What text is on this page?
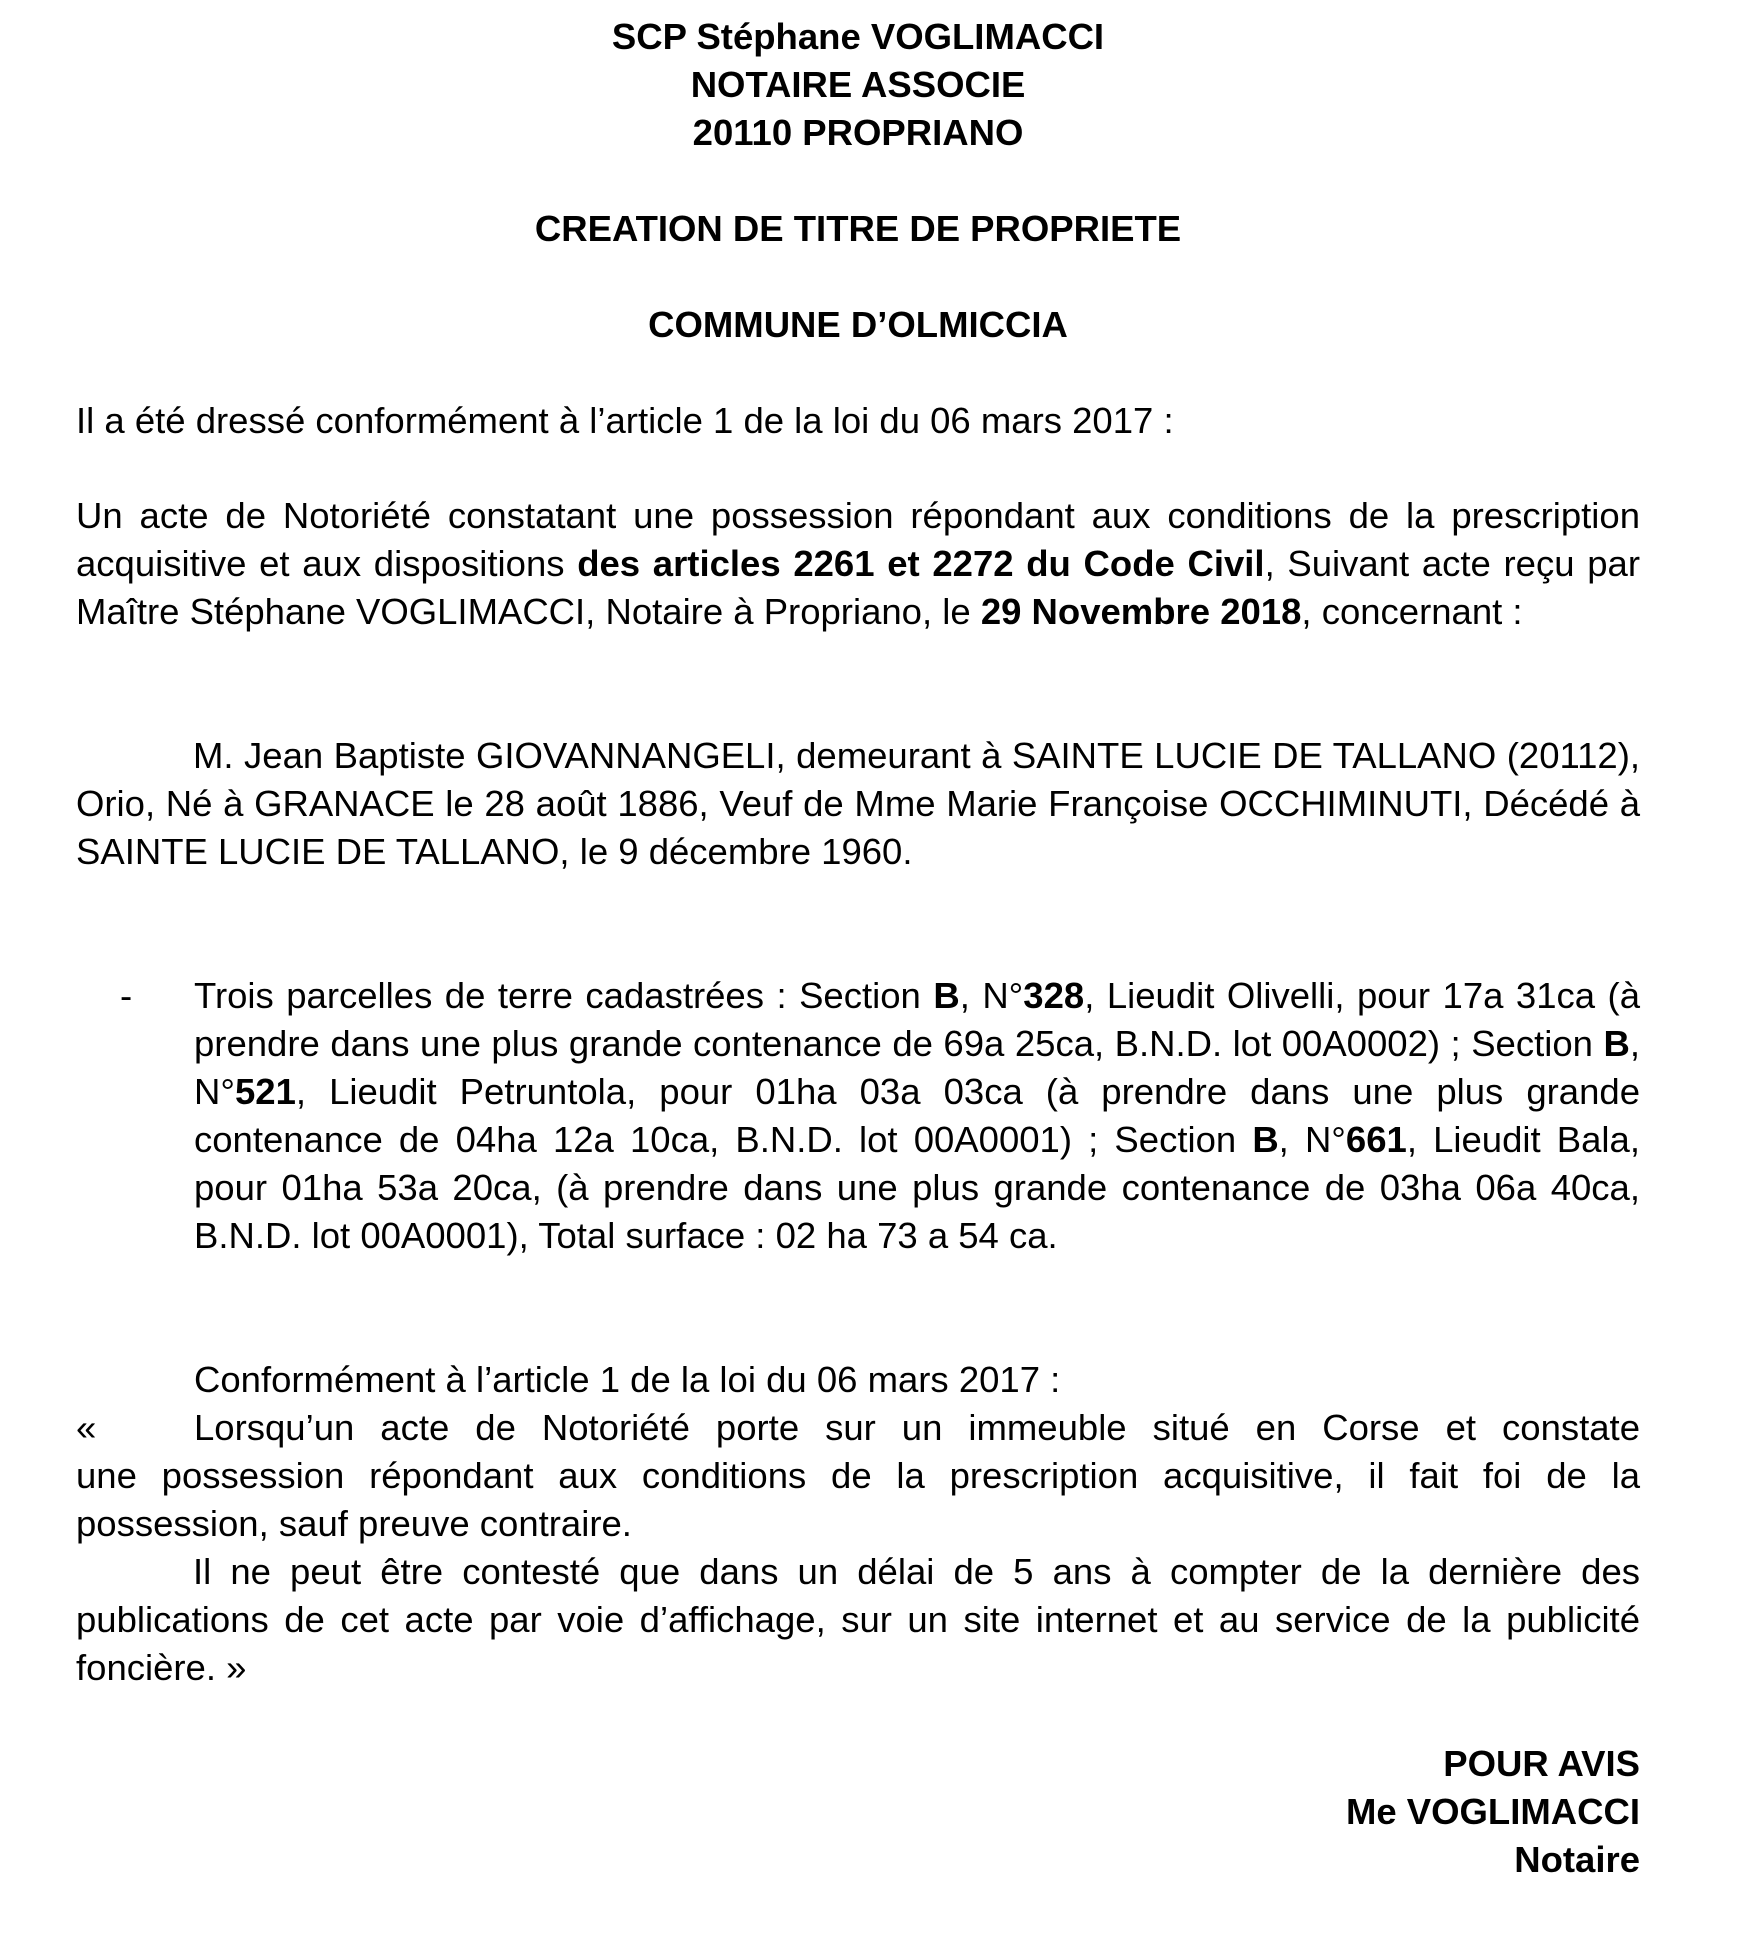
SCP Stéphane VOGLIMACCI
NOTAIRE ASSOCIE
20110 PROPRIANO
CREATION DE TITRE DE PROPRIETE
COMMUNE D’OLMICCIA
Il a été dressé conformément à l’article 1 de la loi du 06 mars 2017 :
Un acte de Notoriété constatant une possession répondant aux conditions de la prescription acquisitive et aux dispositions des articles 2261 et 2272 du Code Civil, Suivant acte reçu par Maître Stéphane VOGLIMACCI, Notaire à Propriano, le 29 Novembre 2018, concernant :
M. Jean Baptiste GIOVANNANGELI, demeurant à SAINTE LUCIE DE TALLANO (20112), Orio, Né à GRANACE le 28 août 1886, Veuf de Mme Marie Françoise OCCHIMINUTI, Décédé à SAINTE LUCIE DE TALLANO, le 9 décembre 1960.
- Trois parcelles de terre cadastrées : Section B, N°328, Lieudit Olivelli, pour 17a 31ca (à prendre dans une plus grande contenance de 69a 25ca, B.N.D. lot 00A0002) ; Section B, N°521, Lieudit Petruntola, pour 01ha 03a 03ca (à prendre dans une plus grande contenance de 04ha 12a 10ca, B.N.D. lot 00A0001) ; Section B, N°661, Lieudit Bala, pour 01ha 53a 20ca, (à prendre dans une plus grande contenance de 03ha 06a 40ca, B.N.D. lot 00A0001), Total surface : 02 ha 73 a 54 ca.
Conformément à l’article 1 de la loi du 06 mars 2017 :
«	Lorsqu’un acte de Notoriété porte sur un immeuble situé en Corse et constate
une possession répondant aux conditions de la prescription acquisitive, il fait foi de la possession, sauf preuve contraire.
Il ne peut être contesté que dans un délai de 5 ans à compter de la dernière des publications de cet acte par voie d’affichage, sur un site internet et au service de la publicité foncière. »
POUR AVIS
Me VOGLIMACCI
Notaire
